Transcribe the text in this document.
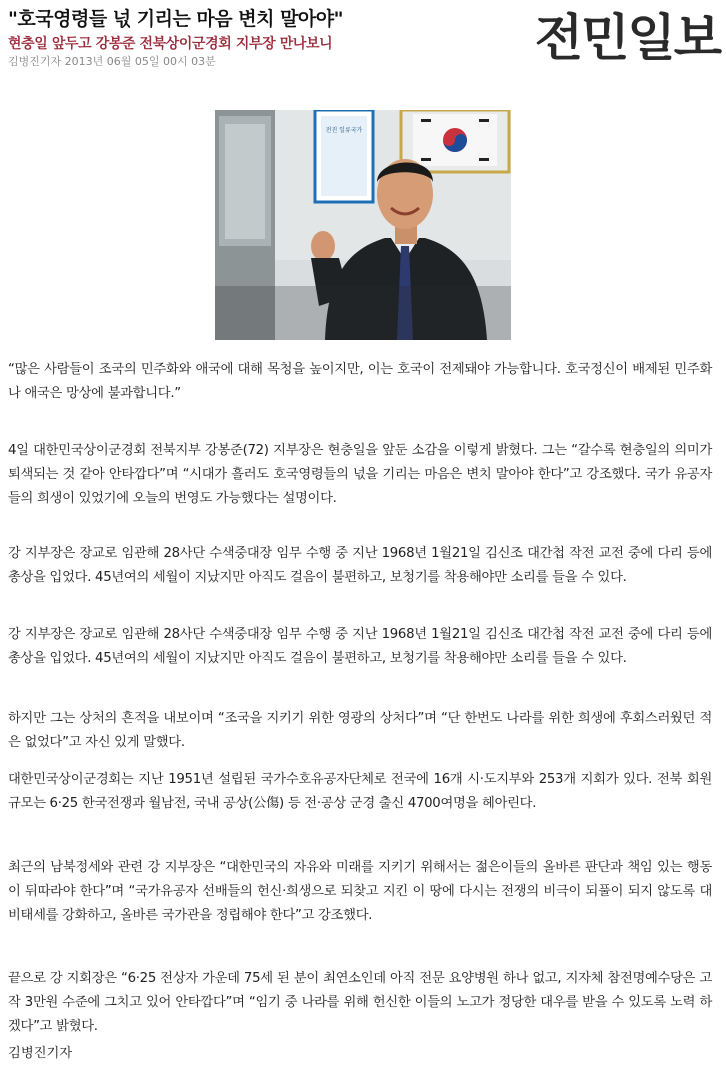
"호국영령들 넋 기리는 마음 변치 말아야"
현충일 앞두고 강봉준 전북상이군경회 지부장 만나보니
김병진기자 2013년 06월 05일 00시 03분	전민일보
전진 일류국가
“많은 사람들이 조국의 민주화와 애국에 대해 목청을 높이지만, 이는 호국이 전제돼야 가능합니다. 호국정신이 배제된 민주화나 애국은 망상에 불과합니다.”
4일 대한민국상이군경회 전북지부 강봉준(72) 지부장은 현충일을 앞둔 소감을 이렇게 밝혔다. 그는 “갈수록 현충일의 의미가 퇴색되는 것 같아 안타깝다”며 “시대가 흘러도 호국영령들의 넋을 기리는 마음은 변치 말아야 한다”고 강조했다. 국가 유공자들의 희생이 있었기에 오늘의 번영도 가능했다는 설명이다.
강 지부장은 장교로 임관해 28사단 수색중대장 임무 수행 중 지난 1968년 1월21일 김신조 대간첩 작전 교전 중에 다리 등에 총상을 입었다. 45년여의 세월이 지났지만 아직도 걸음이 불편하고, 보청기를 착용해야만 소리를 들을 수 있다.
강 지부장은 장교로 임관해 28사단 수색중대장 임무 수행 중 지난 1968년 1월21일 김신조 대간첩 작전 교전 중에 다리 등에 총상을 입었다. 45년여의 세월이 지났지만 아직도 걸음이 불편하고, 보청기를 착용해야만 소리를 들을 수 있다.
하지만 그는 상처의 흔적을 내보이며 “조국을 지키기 위한 영광의 상처다”며 “단 한번도 나라를 위한 희생에 후회스러웠던 적은 없었다”고 자신 있게 말했다.
대한민국상이군경회는 지난 1951년 설립된 국가수호유공자단체로 전국에 16개 시·도지부와 253개 지회가 있다. 전북 회원 규모는 6·25 한국전쟁과 월남전, 국내 공상(公傷) 등 전·공상 군경 출신 4700여명을 헤아린다.
최근의 남북정세와 관련 강 지부장은 “대한민국의 자유와 미래를 지키기 위해서는 젊은이들의 올바른 판단과 책임 있는 행동이 뒤따라야 한다”며 “국가유공자 선배들의 헌신·희생으로 되찾고 지킨 이 땅에 다시는 전쟁의 비극이 되풀이 되지 않도록 대비태세를 강화하고, 올바른 국가관을 정립해야 한다”고 강조했다.
끝으로 강 지회장은 “6·25 전상자 가운데 75세 된 분이 최연소인데 아직 전문 요양병원 하나 없고, 지자체 참전명예수당은 고작 3만원 수준에 그치고 있어 안타깝다”며 “임기 중 나라를 위해 헌신한 이들의 노고가 정당한 대우를 받을 수 있도록 노력 하겠다”고 밝혔다.
김병진기자
